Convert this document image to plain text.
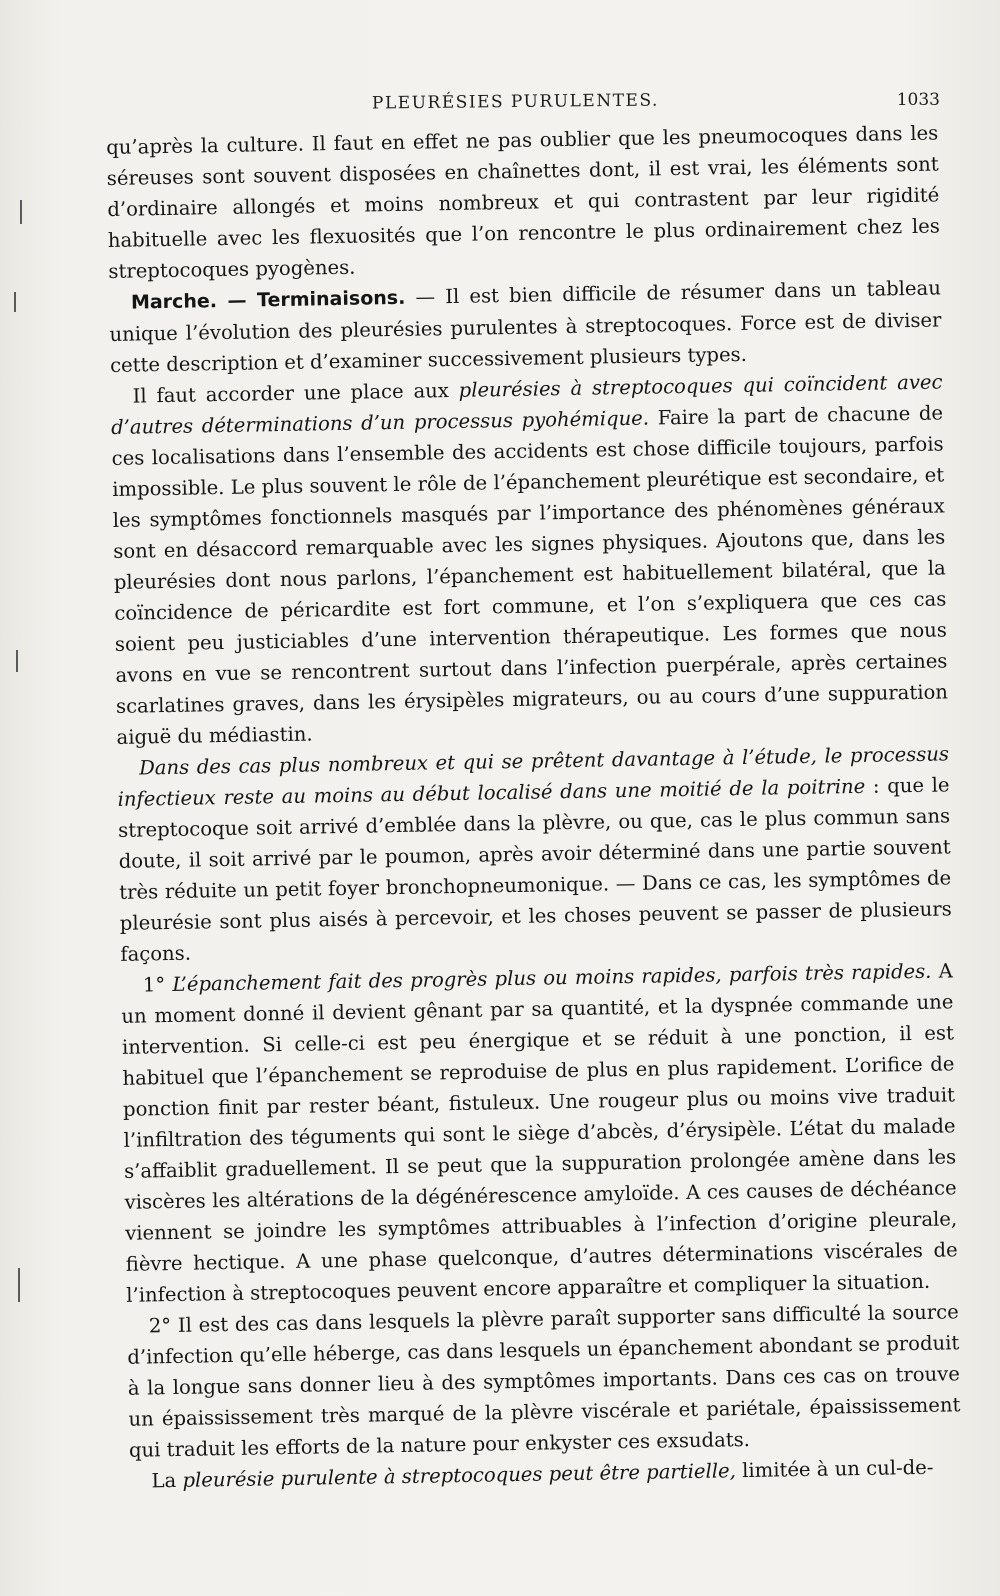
PLEURÉSIES PURULENTES.	1033

qu’après la culture. Il faut en effet ne pas oublier que les pneumocoques dans les séreuses sont souvent disposées en chaînettes dont, il est vrai, les éléments sont d’ordinaire allongés et moins nombreux et qui contrastent par leur rigidité habituelle avec les flexuosités que l’on rencontre le plus ordinairement chez les streptocoques pyogènes.

Marche. — Terminaisons. — Il est bien difficile de résumer dans un tableau unique l’évolution des pleurésies purulentes à streptocoques. Force est de diviser cette description et d’examiner successivement plusieurs types.

Il faut accorder une place aux pleurésies à streptocoques qui coïncident avec d’autres déterminations d’un processus pyohémique. Faire la part de chacune de ces localisations dans l’ensemble des accidents est chose difficile toujours, parfois impossible. Le plus souvent le rôle de l’épanchement pleurétique est secondaire, et les symptômes fonctionnels masqués par l’importance des phénomènes généraux sont en désaccord remarquable avec les signes physiques. Ajoutons que, dans les pleurésies dont nous parlons, l’épanchement est habituellement bilatéral, que la coïncidence de péricardite est fort commune, et l’on s’expliquera que ces cas soient peu justiciables d’une intervention thérapeutique. Les formes que nous avons en vue se rencontrent surtout dans l’infection puerpérale, après certaines scarlatines graves, dans les érysipèles migrateurs, ou au cours d’une suppuration aiguë du médiastin.

Dans des cas plus nombreux et qui se prêtent davantage à l’étude, le processus infectieux reste au moins au début localisé dans une moitié de la poitrine : que le streptocoque soit arrivé d’emblée dans la plèvre, ou que, cas le plus commun sans doute, il soit arrivé par le poumon, après avoir déterminé dans une partie souvent très réduite un petit foyer bronchopneumonique. — Dans ce cas, les symptômes de pleurésie sont plus aisés à percevoir, et les choses peuvent se passer de plusieurs façons.

1° L’épanchement fait des progrès plus ou moins rapides, parfois très rapides. A un moment donné il devient gênant par sa quantité, et la dyspnée commande une intervention. Si celle-ci est peu énergique et se réduit à une ponction, il est habituel que l’épanchement se reproduise de plus en plus rapidement. L’orifice de ponction finit par rester béant, fistuleux. Une rougeur plus ou moins vive traduit l’infiltration des téguments qui sont le siège d’abcès, d’érysipèle. L’état du malade s’affaiblit graduellement. Il se peut que la suppuration prolongée amène dans les viscères les altérations de la dégénérescence amyloïde. A ces causes de déchéance viennent se joindre les symptômes attribuables à l’infection d’origine pleurale, fièvre hectique. A une phase quelconque, d’autres déterminations viscérales de l’infection à streptocoques peuvent encore apparaître et compliquer la situation.

2° Il est des cas dans lesquels la plèvre paraît supporter sans difficulté la source d’infection qu’elle héberge, cas dans lesquels un épanchement abondant se produit à la longue sans donner lieu à des symptômes importants. Dans ces cas on trouve un épaississement très marqué de la plèvre viscérale et pariétale, épaississement qui traduit les efforts de la nature pour enkyster ces exsudats.

La pleurésie purulente à streptocoques peut être partielle, limitée à un cul-de-
